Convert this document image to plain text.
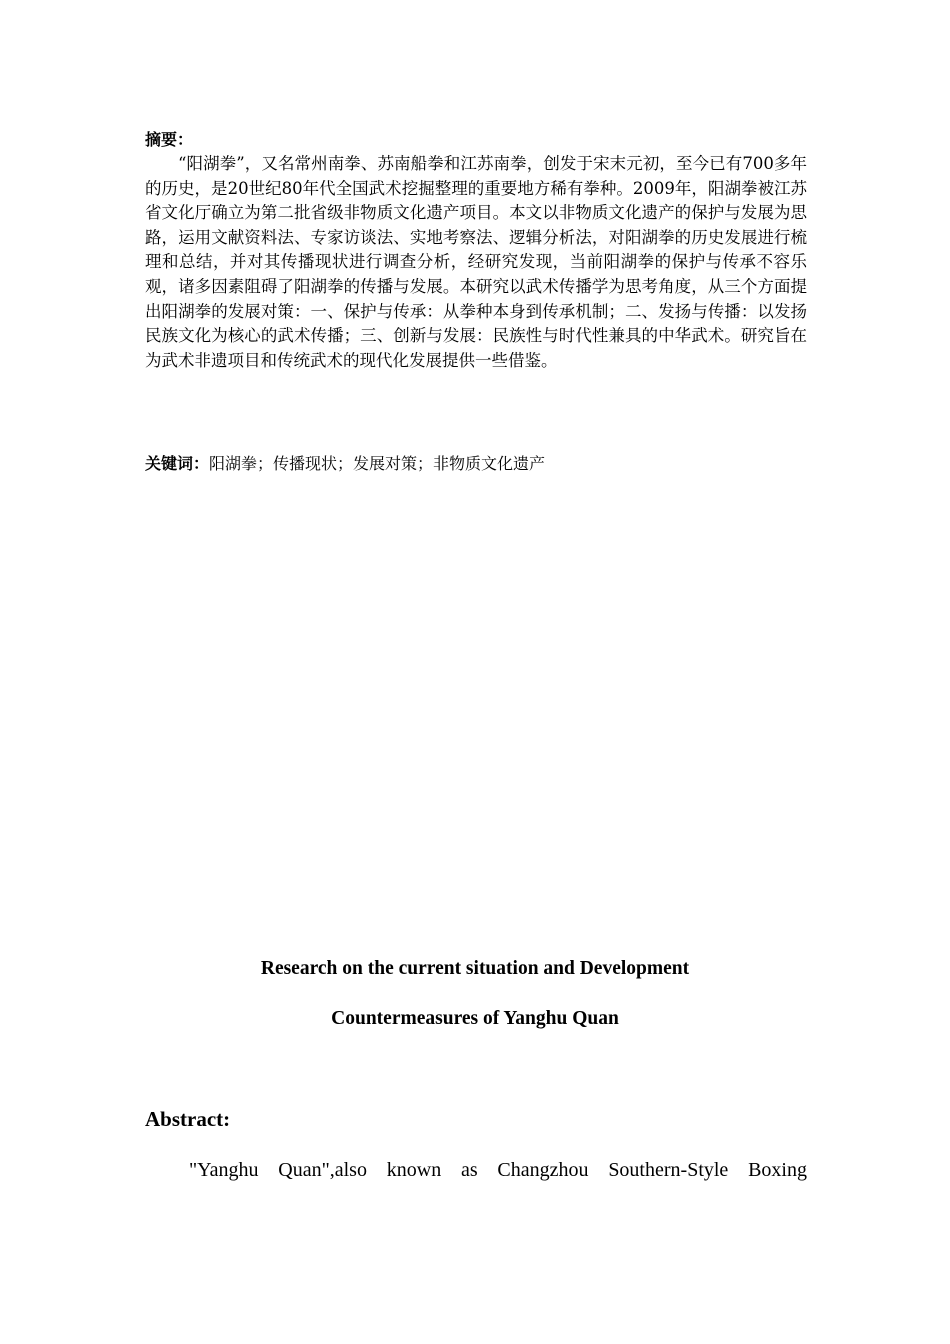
摘要：

“阳湖拳”，又名常州南拳、苏南船拳和江苏南拳，创发于宋末元初，至今已有700多年的历史，是20世纪80年代全国武术挖掘整理的重要地方稀有拳种。2009年，阳湖拳被江苏省文化厅确立为第二批省级非物质文化遗产项目。本文以非物质文化遗产的保护与发展为思路，运用文献资料法、专家访谈法、实地考察法、逻辑分析法，对阳湖拳的历史发展进行梳理和总结，并对其传播现状进行调查分析，经研究发现，当前阳湖拳的保护与传承不容乐观，诸多因素阻碍了阳湖拳的传播与发展。本研究以武术传播学为思考角度，从三个方面提出阳湖拳的发展对策：一、保护与传承：从拳种本身到传承机制；二、发扬与传播：以发扬民族文化为核心的武术传播；三、创新与发展：民族性与时代性兼具的中华武术。研究旨在为武术非遗项目和传统武术的现代化发展提供一些借鉴。

关键词：阳湖拳；传播现状；发展对策；非物质文化遗产
Research on the current situation and Development
Countermeasures of Yanghu Quan
Abstract:
"Yanghu Quan",also known as Changzhou Southern-Style Boxing
